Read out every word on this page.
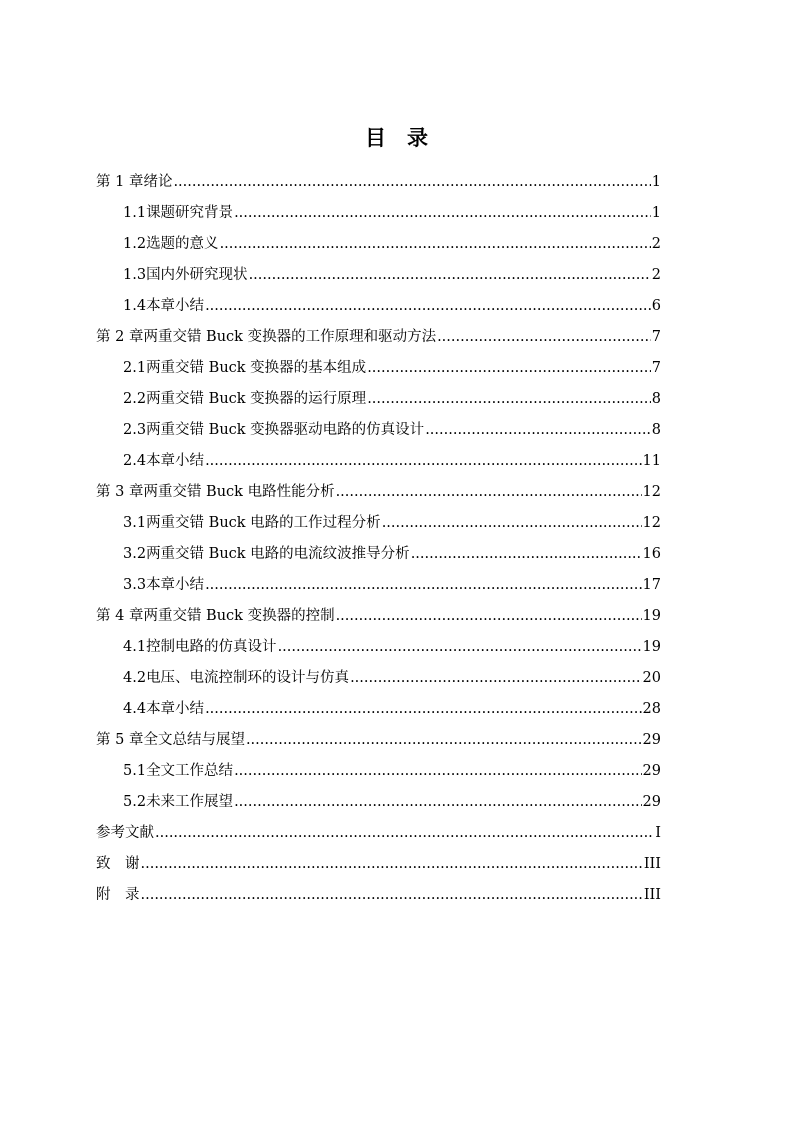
目　录
第 1 章 绪论 .....	1
1.1 课题研究背景 .....	1
1.2 选题的意义 .....	2
1.3 国内外研究现状 .....	2
1.4 本章小结 .....	6
第 2 章 两重交错 Buck 变换器的工作原理和驱动方法 .....	7
2.1 两重交错 Buck 变换器的基本组成 .....	7
2.2 两重交错 Buck 变换器的运行原理 .....	8
2.3 两重交错 Buck 变换器驱动电路的仿真设计 .....	8
2.4 本章小结 .....	11
第 3 章 两重交错 Buck 电路性能分析 .....	12
3.1 两重交错 Buck 电路的工作过程分析 .....	12
3.2 两重交错 Buck 电路的电流纹波推导分析 .....	16
3.3 本章小结 .....	17
第 4 章 两重交错 Buck 变换器的控制 .....	19
4.1 控制电路的仿真设计 .....	19
4.2 电压、电流控制环的设计与仿真 .....	20
4.4 本章小结 .....	28
第 5 章 全文总结与展望 .....	29
5.1 全文工作总结 .....	29
5.2 未来工作展望 .....	29
参考文献 .....	I
致　谢 .....	III
附　录 .....	III
